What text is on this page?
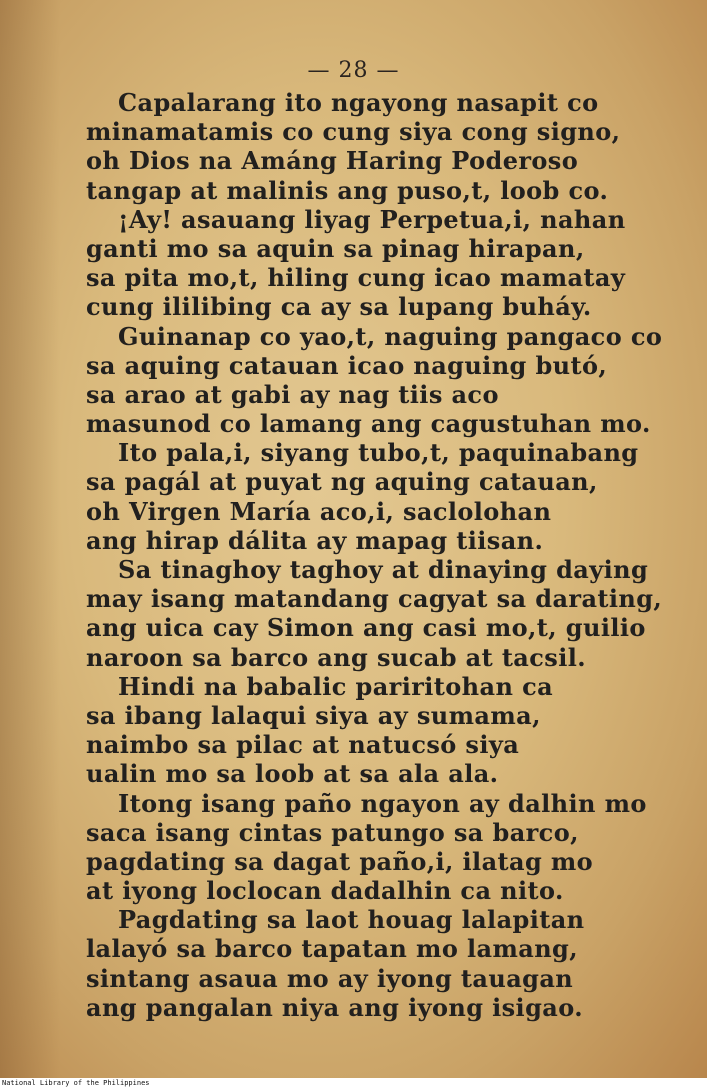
— 28 —
Capalarang ito ngayong nasapit co
minamatamis co cung siya cong signo,
oh Dios na Amáng Haring Poderoso
tangap at malinis ang puso,t, loob co.
¡Ay! asauang liyag Perpetua,i, nahan
ganti mo sa aquin sa pinag hirapan,
sa pita mo,t, hiling cung icao mamatay
cung ililibing ca ay sa lupang buháy.
Guinanap co yao,t, naguing pangaco co
sa aquing catauan icao naguing butó,
sa arao at gabi ay nag tiis aco
masunod co lamang ang cagustuhan mo.
Ito pala,i, siyang tubo,t, paquinabang
sa pagál at puyat ng aquing catauan,
oh Virgen María aco,i, saclolohan
ang hirap dálita ay mapag tiisan.
Sa tinaghoy taghoy at dinaying daying
may isang matandang cagyat sa darating,
ang uica cay Simon ang casi mo,t, guilio
naroon sa barco ang sucab at tacsil.
Hindi na babalic pariritohan ca
sa ibang lalaqui siya ay sumama,
naimbo sa pilac at natucsó siya
ualin mo sa loob at sa ala ala.
Itong isang paño ngayon ay dalhin mo
saca isang cintas patungo sa barco,
pagdating sa dagat paño,i, ilatag mo
at iyong loclocan dadalhin ca nito.
Pagdating sa laot houag lalapitan
lalayó sa barco tapatan mo lamang,
sintang asaua mo ay iyong tauagan
ang pangalan niya ang iyong isigao.
National Library of the Philippines
